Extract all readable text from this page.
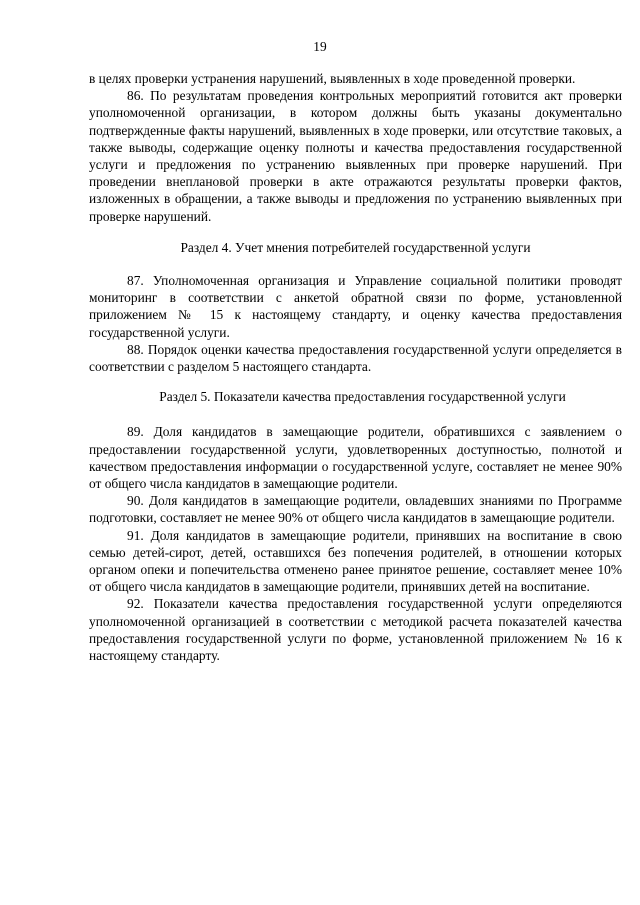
19

в целях проверки устранения нарушений, выявленных в ходе проведенной проверки.

86. По результатам проведения контрольных мероприятий готовится акт проверки уполномоченной организации, в котором должны быть указаны документально подтвержденные факты нарушений, выявленных в ходе проверки, или отсутствие таковых, а также выводы, содержащие оценку полноты и качества предоставления государственной услуги и предложения по устранению выявленных при проверке нарушений. При проведении внеплановой проверки в акте отражаются результаты проверки фактов, изложенных в обращении, а также выводы и предложения по устранению выявленных при проверке нарушений.

Раздел 4. Учет мнения потребителей государственной услуги

87. Уполномоченная организация и Управление социальной политики проводят мониторинг в соответствии с анкетой обратной связи по форме, установленной приложением № 15 к настоящему стандарту, и оценку качества предоставления государственной услуги.

88. Порядок оценки качества предоставления государственной услуги определяется в соответствии с разделом 5 настоящего стандарта.

Раздел 5. Показатели качества предоставления государственной услуги

89. Доля кандидатов в замещающие родители, обратившихся с заявлением о предоставлении государственной услуги, удовлетворенных доступностью, полнотой и качеством предоставления информации о государственной услуге, составляет не менее 90% от общего числа кандидатов в замещающие родители.

90. Доля кандидатов в замещающие родители, овладевших знаниями по Программе подготовки, составляет не менее 90% от общего числа кандидатов в замещающие родители.

91. Доля кандидатов в замещающие родители, принявших на воспитание в свою семью детей-сирот, детей, оставшихся без попечения родителей, в отношении которых органом опеки и попечительства отменено ранее принятое решение, составляет менее 10% от общего числа кандидатов в замещающие родители, принявших детей на воспитание.

92. Показатели качества предоставления государственной услуги определяются уполномоченной организацией в соответствии с методикой расчета показателей качества предоставления государственной услуги по форме, установленной приложением № 16 к настоящему стандарту.
